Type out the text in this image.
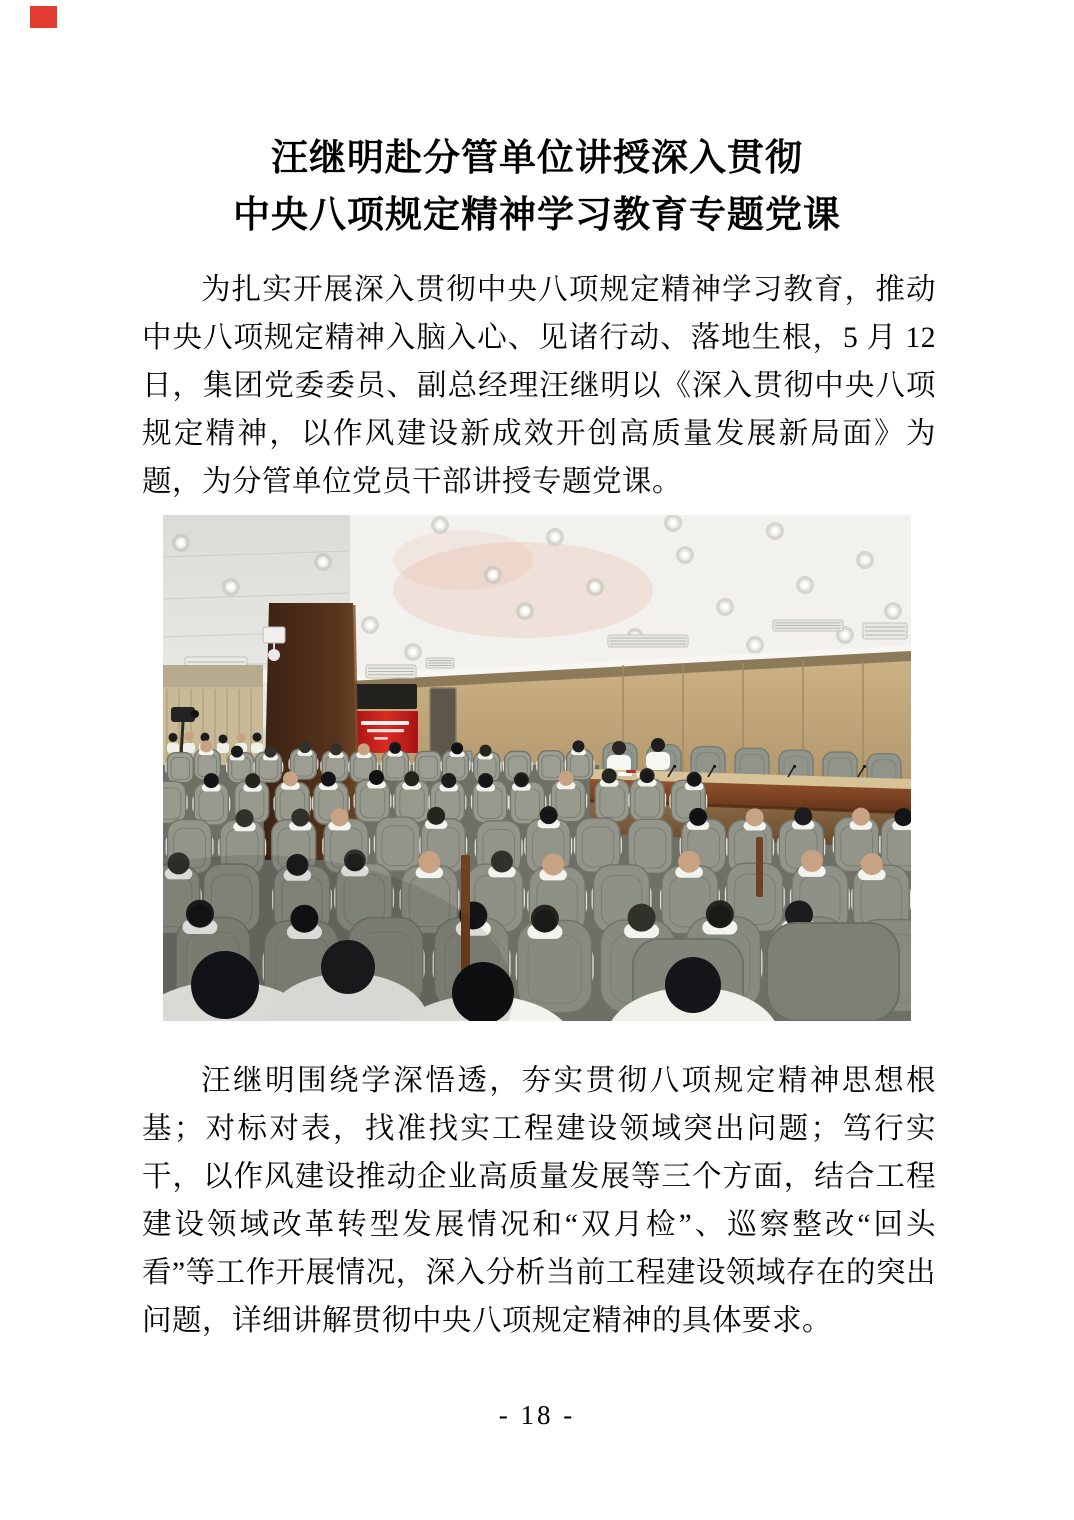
汪继明赴分管单位讲授深入贯彻
中央八项规定精神学习教育专题党课

为扎实开展深入贯彻中央八项规定精神学习教育，推动中央八项规定精神入脑入心、见诸行动、落地生根，5 月 12 日，集团党委委员、副总经理汪继明以《深入贯彻中央八项规定精神，以作风建设新成效开创高质量发展新局面》为题，为分管单位党员干部讲授专题党课。

汪继明围绕学深悟透，夯实贯彻八项规定精神思想根基；对标对表，找准找实工程建设领域突出问题；笃行实干，以作风建设推动企业高质量发展等三个方面，结合工程建设领域改革转型发展情况和“双月检”、巡察整改“回头看”等工作开展情况，深入分析当前工程建设领域存在的突出问题，详细讲解贯彻中央八项规定精神的具体要求。

- 18 -
